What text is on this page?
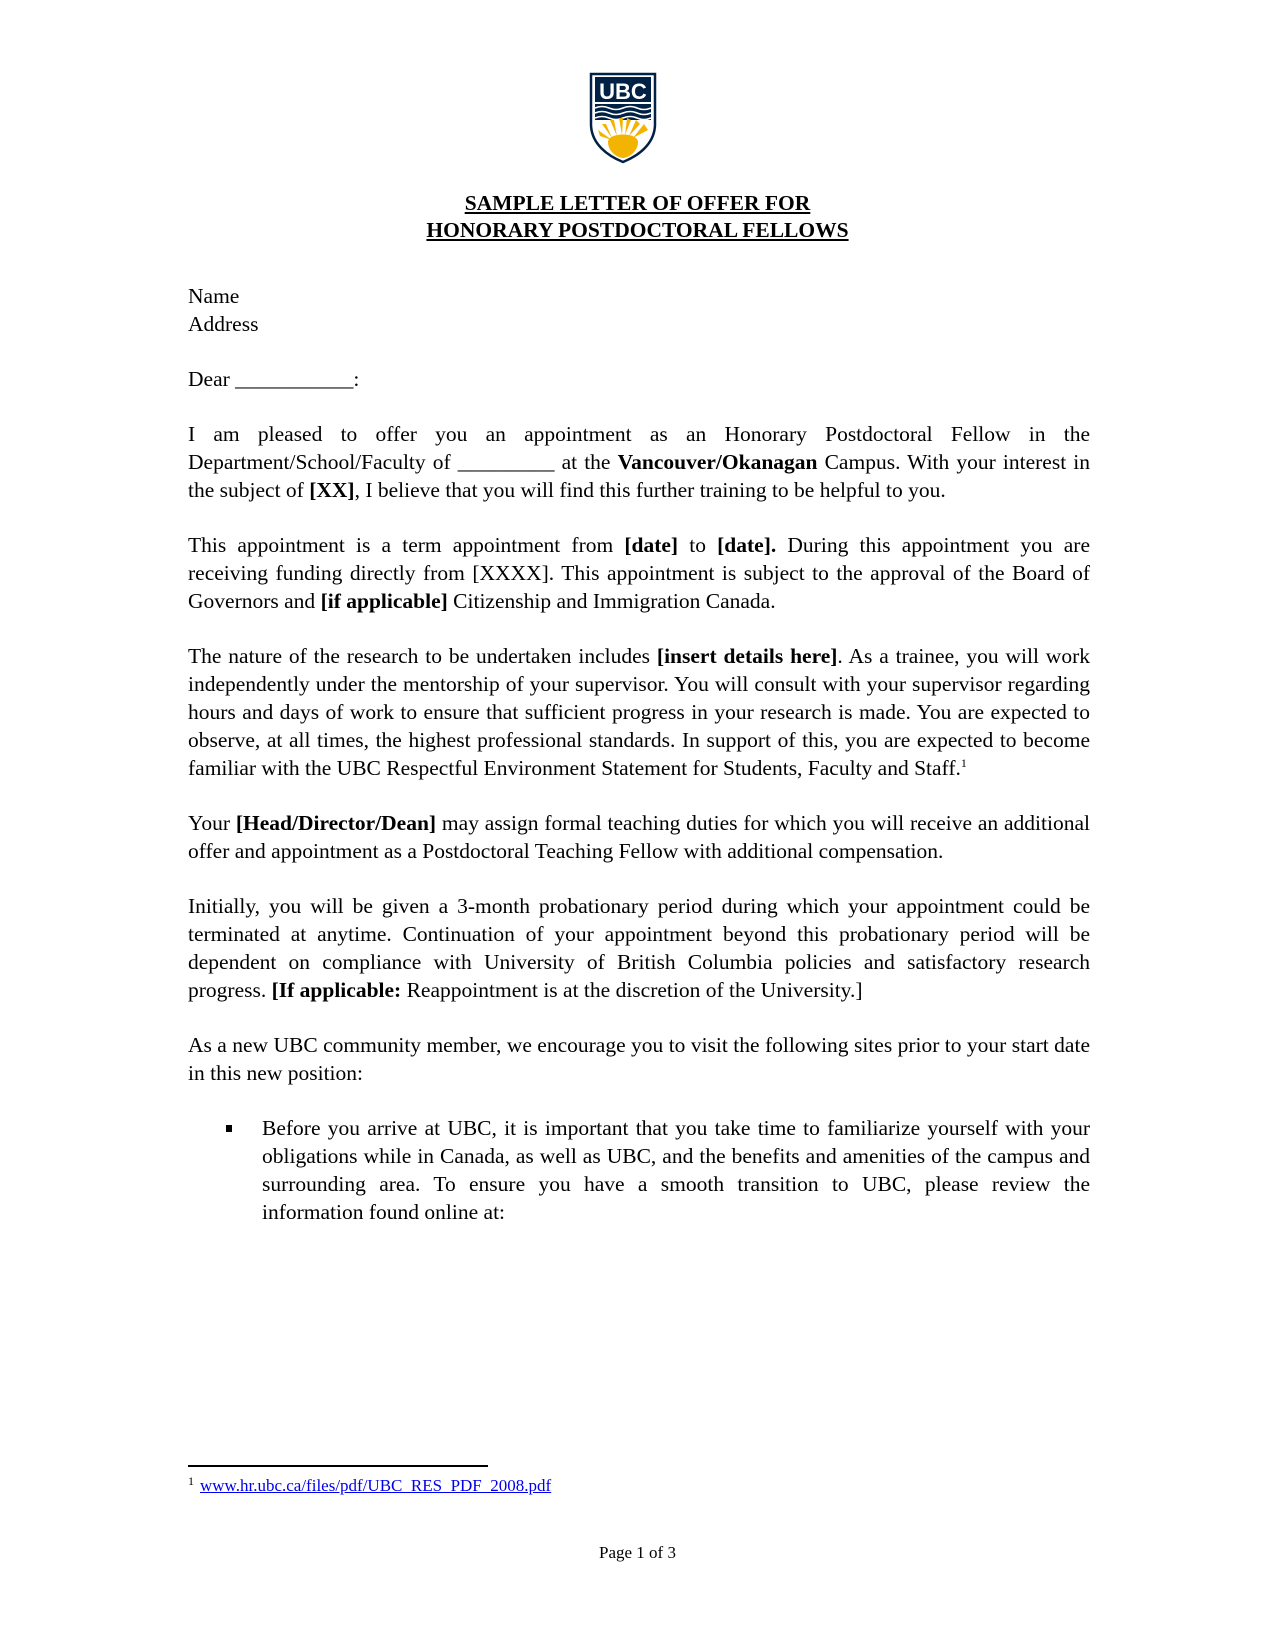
UBC
SAMPLE LETTER OF OFFER FOR
HONORARY POSTDOCTORAL FELLOWS
Name
Address
Dear ___________:

I am pleased to offer you an appointment as an Honorary Postdoctoral Fellow in the Department/School/Faculty of _________ at the Vancouver/Okanagan Campus. With your interest in the subject of [XX], I believe that you will find this further training to be helpful to you.

This appointment is a term appointment from [date] to [date]. During this appointment you are receiving funding directly from [XXXX]. This appointment is subject to the approval of the Board of Governors and [if applicable] Citizenship and Immigration Canada.

The nature of the research to be undertaken includes [insert details here]. As a trainee, you will work independently under the mentorship of your supervisor. You will consult with your supervisor regarding hours and days of work to ensure that sufficient progress in your research is made. You are expected to observe, at all times, the highest professional standards. In support of this, you are expected to become familiar with the UBC Respectful Environment Statement for Students, Faculty and Staff.$^1$

Your [Head/Director/Dean] may assign formal teaching duties for which you will receive an additional offer and appointment as a Postdoctoral Teaching Fellow with additional compensation.

Initially, you will be given a 3-month probationary period during which your appointment could be terminated at anytime. Continuation of your appointment beyond this probationary period will be dependent on compliance with University of British Columbia policies and satisfactory research progress. [If applicable: Reappointment is at the discretion of the University.]

As a new UBC community member, we encourage you to visit the following sites prior to your start date in this new position:

Before you arrive at UBC, it is important that you take time to familiarize yourself with your obligations while in Canada, as well as UBC, and the benefits and amenities of the campus and surrounding area. To ensure you have a smooth transition to UBC, please review the information found online at:
$^1$ www.hr.ubc.ca/files/pdf/UBC_RES_PDF_2008.pdf
Page 1 of 3
